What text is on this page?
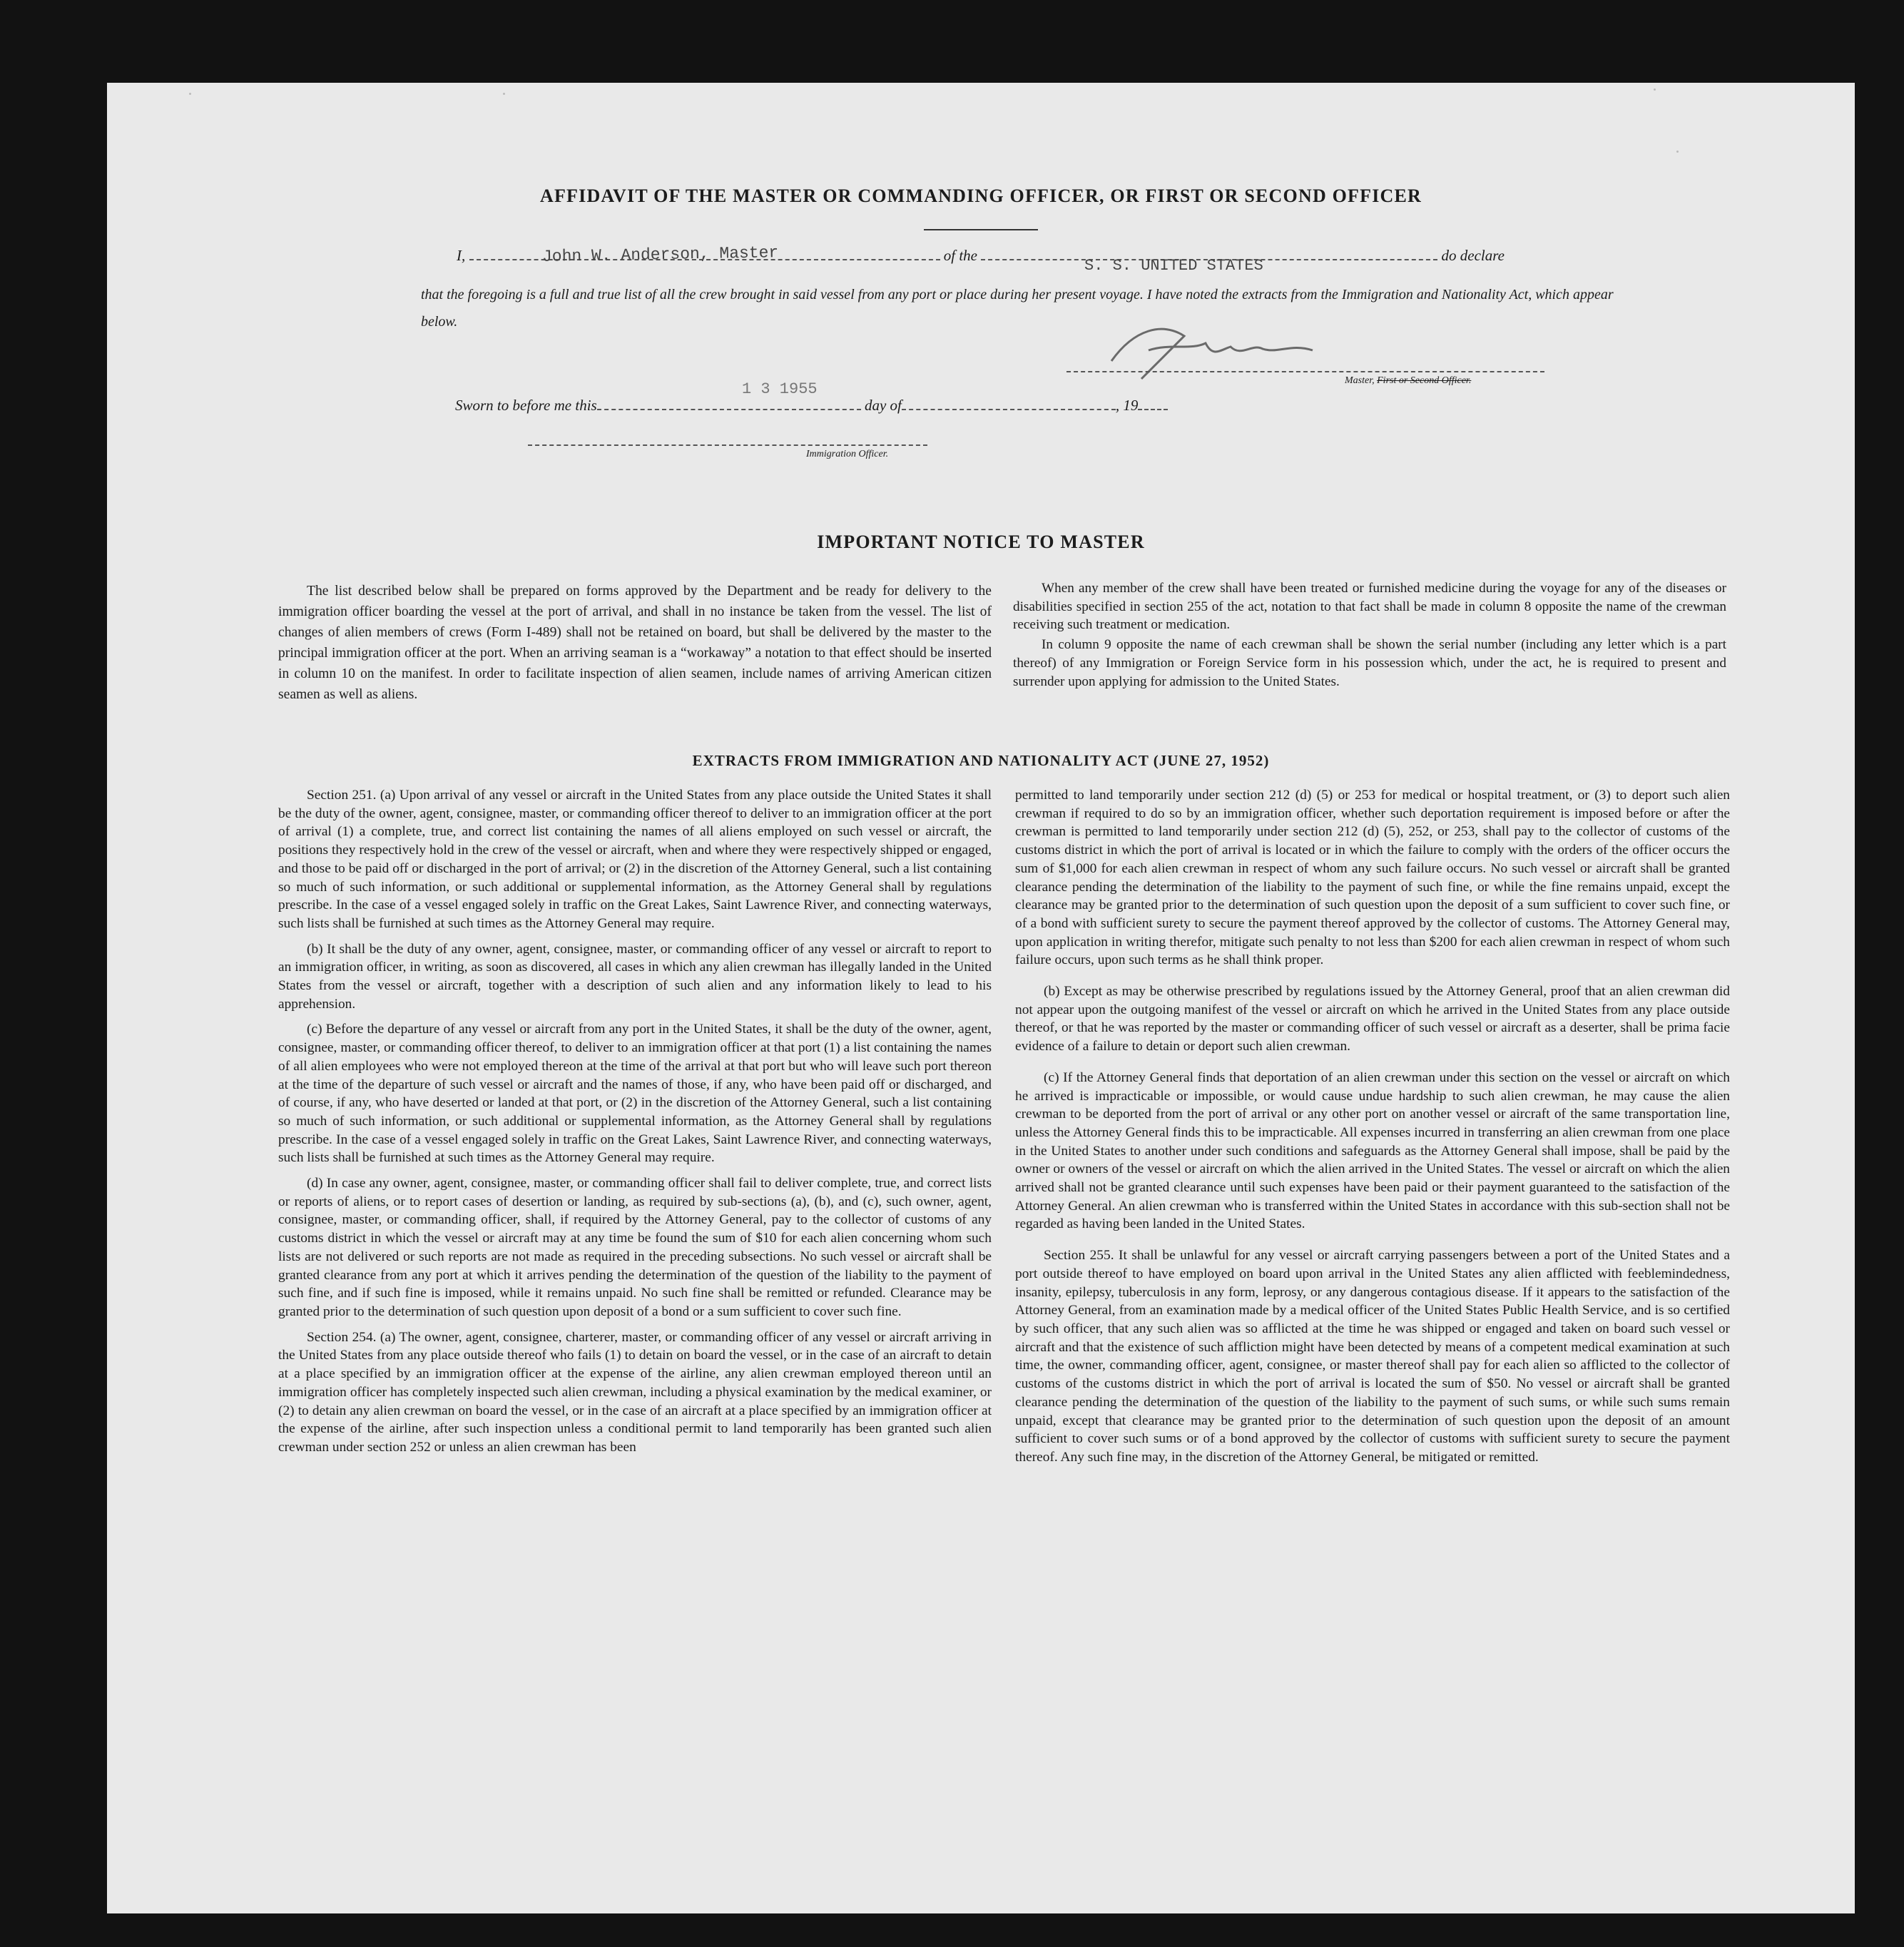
AFFIDAVIT OF THE MASTER OR COMMANDING OFFICER, OR FIRST OR SECOND OFFICER
I,	of the	do declare
John W. Anderson, Master	S. S. UNITED STATES
that the foregoing is a full and true list of all the crew brought in said vessel from any port or place during her present voyage. I have noted the extracts from the Immigration and Nationality Act, which appear below.
Master, First or Second Officer.
Sworn to before me this	day of	, 19
1 3 1955
Immigration Officer.
IMPORTANT NOTICE TO MASTER

The list described below shall be prepared on forms approved by the Department and be ready for delivery to the immigration officer boarding the vessel at the port of arrival, and shall in no instance be taken from the vessel. The list of changes of alien members of crews (Form I-489) shall not be retained on board, but shall be delivered by the master to the principal immigration officer at the port. When an arriving seaman is a “workaway” a notation to that effect should be inserted in column 10 on the manifest. In order to facilitate inspection of alien seamen, include names of arriving American citizen seamen as well as aliens.

When any member of the crew shall have been treated or furnished medicine during the voyage for any of the diseases or disabilities specified in section 255 of the act, notation to that fact shall be made in column 8 opposite the name of the crewman receiving such treatment or medication.

In column 9 opposite the name of each crewman shall be shown the serial number (including any letter which is a part thereof) of any Immigration or Foreign Service form in his possession which, under the act, he is required to present and surrender upon applying for admission to the United States.

EXTRACTS FROM IMMIGRATION AND NATIONALITY ACT (JUNE 27, 1952)

Section 251. (a) Upon arrival of any vessel or aircraft in the United States from any place outside the United States it shall be the duty of the owner, agent, consignee, master, or commanding officer thereof to deliver to an immigration officer at the port of arrival (1) a complete, true, and correct list containing the names of all aliens employed on such vessel or aircraft, the positions they respectively hold in the crew of the vessel or aircraft, when and where they were respectively shipped or engaged, and those to be paid off or discharged in the port of arrival; or (2) in the discretion of the Attorney General, such a list containing so much of such information, or such additional or supplemental information, as the Attorney General shall by regulations prescribe. In the case of a vessel engaged solely in traffic on the Great Lakes, Saint Lawrence River, and connecting waterways, such lists shall be furnished at such times as the Attorney General may require.

(b) It shall be the duty of any owner, agent, consignee, master, or commanding officer of any vessel or aircraft to report to an immigration officer, in writing, as soon as discovered, all cases in which any alien crewman has illegally landed in the United States from the vessel or aircraft, together with a description of such alien and any information likely to lead to his apprehension.

(c) Before the departure of any vessel or aircraft from any port in the United States, it shall be the duty of the owner, agent, consignee, master, or commanding officer thereof, to deliver to an immigration officer at that port (1) a list containing the names of all alien employees who were not employed thereon at the time of the arrival at that port but who will leave such port thereon at the time of the departure of such vessel or aircraft and the names of those, if any, who have been paid off or discharged, and of course, if any, who have deserted or landed at that port, or (2) in the discretion of the Attorney General, such a list containing so much of such information, or such additional or supplemental information, as the Attorney General shall by regulations prescribe. In the case of a vessel engaged solely in traffic on the Great Lakes, Saint Lawrence River, and connecting waterways, such lists shall be furnished at such times as the Attorney General may require.

(d) In case any owner, agent, consignee, master, or commanding officer shall fail to deliver complete, true, and correct lists or reports of aliens, or to report cases of desertion or landing, as required by sub-sections (a), (b), and (c), such owner, agent, consignee, master, or commanding officer, shall, if required by the Attorney General, pay to the collector of customs of any customs district in which the vessel or aircraft may at any time be found the sum of $10 for each alien concerning whom such lists are not delivered or such reports are not made as required in the preceding subsections. No such vessel or aircraft shall be granted clearance from any port at which it arrives pending the determination of the question of the liability to the payment of such fine, and if such fine is imposed, while it remains unpaid. No such fine shall be remitted or refunded. Clearance may be granted prior to the determination of such question upon deposit of a bond or a sum sufficient to cover such fine.

Section 254. (a) The owner, agent, consignee, charterer, master, or commanding officer of any vessel or aircraft arriving in the United States from any place outside thereof who fails (1) to detain on board the vessel, or in the case of an aircraft to detain at a place specified by an immigration officer at the expense of the airline, any alien crewman employed thereon until an immigration officer has completely inspected such alien crewman, including a physical examination by the medical examiner, or (2) to detain any alien crewman on board the vessel, or in the case of an aircraft at a place specified by an immigration officer at the expense of the airline, after such inspection unless a conditional permit to land temporarily has been granted such alien crewman under section 252 or unless an alien crewman has been

permitted to land temporarily under section 212 (d) (5) or 253 for medical or hospital treatment, or (3) to deport such alien crewman if required to do so by an immigration officer, whether such deportation requirement is imposed before or after the crewman is permitted to land temporarily under section 212 (d) (5), 252, or 253, shall pay to the collector of customs of the customs district in which the port of arrival is located or in which the failure to comply with the orders of the officer occurs the sum of $1,000 for each alien crewman in respect of whom any such failure occurs. No such vessel or aircraft shall be granted clearance pending the determination of the liability to the payment of such fine, or while the fine remains unpaid, except the clearance may be granted prior to the determination of such question upon the deposit of a sum sufficient to cover such fine, or of a bond with sufficient surety to secure the payment thereof approved by the collector of customs. The Attorney General may, upon application in writing therefor, mitigate such penalty to not less than $200 for each alien crewman in respect of whom such failure occurs, upon such terms as he shall think proper.

(b) Except as may be otherwise prescribed by regulations issued by the Attorney General, proof that an alien crewman did not appear upon the outgoing manifest of the vessel or aircraft on which he arrived in the United States from any place outside thereof, or that he was reported by the master or commanding officer of such vessel or aircraft as a deserter, shall be prima facie evidence of a failure to detain or deport such alien crewman.

(c) If the Attorney General finds that deportation of an alien crewman under this section on the vessel or aircraft on which he arrived is impracticable or impossible, or would cause undue hardship to such alien crewman, he may cause the alien crewman to be deported from the port of arrival or any other port on another vessel or aircraft of the same transportation line, unless the Attorney General finds this to be impracticable. All expenses incurred in transferring an alien crewman from one place in the United States to another under such conditions and safeguards as the Attorney General shall impose, shall be paid by the owner or owners of the vessel or aircraft on which the alien arrived in the United States. The vessel or aircraft on which the alien arrived shall not be granted clearance until such expenses have been paid or their payment guaranteed to the satisfaction of the Attorney General. An alien crewman who is transferred within the United States in accordance with this sub-section shall not be regarded as having been landed in the United States.

Section 255. It shall be unlawful for any vessel or aircraft carrying passengers between a port of the United States and a port outside thereof to have employed on board upon arrival in the United States any alien afflicted with feeblemindedness, insanity, epilepsy, tuberculosis in any form, leprosy, or any dangerous contagious disease. If it appears to the satisfaction of the Attorney General, from an examination made by a medical officer of the United States Public Health Service, and is so certified by such officer, that any such alien was so afflicted at the time he was shipped or engaged and taken on board such vessel or aircraft and that the existence of such affliction might have been detected by means of a competent medical examination at such time, the owner, commanding officer, agent, consignee, or master thereof shall pay for each alien so afflicted to the collector of customs of the customs district in which the port of arrival is located the sum of $50. No vessel or aircraft shall be granted clearance pending the determination of the question of the liability to the payment of such sums, or while such sums remain unpaid, except that clearance may be granted prior to the determination of such question upon the deposit of an amount sufficient to cover such sums or of a bond approved by the collector of customs with sufficient surety to secure the payment thereof. Any such fine may, in the discretion of the Attorney General, be mitigated or remitted.
